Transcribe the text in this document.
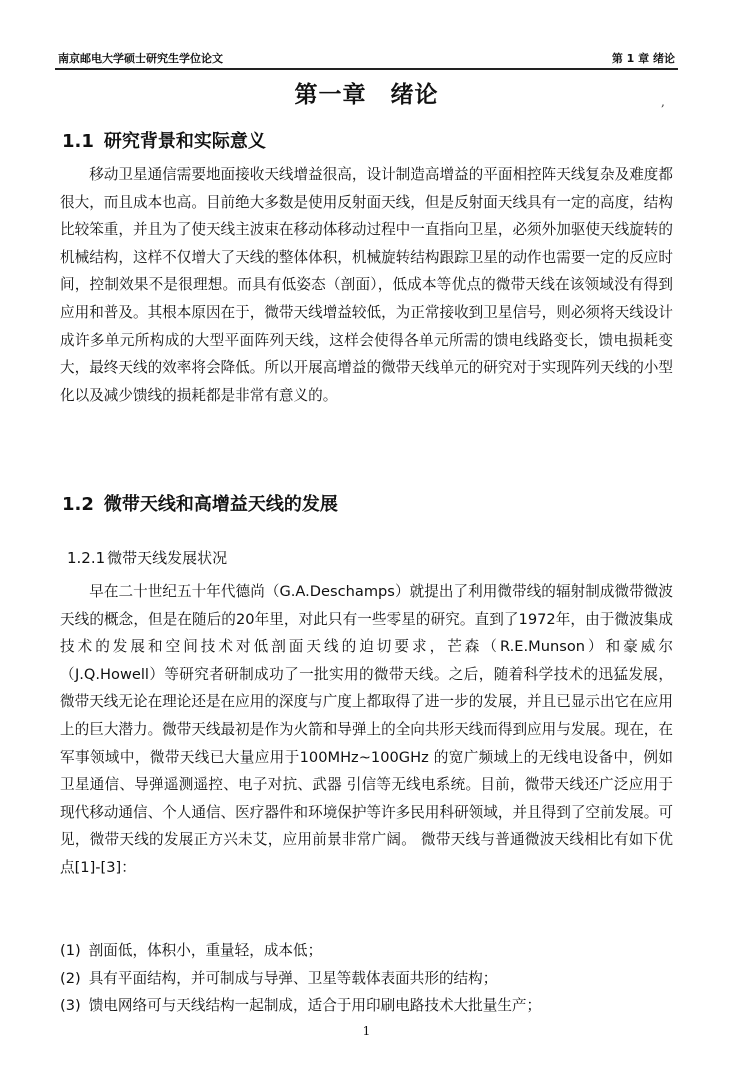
南京邮电大学硕士研究生学位论文	第 1 章 绪论
第一章 绪论	,
1.1 研究背景和实际意义

移动卫星通信需要地面接收天线增益很高，设计制造高增益的平面相控阵天线复杂及难度都很大，而且成本也高。目前绝大多数是使用反射面天线，但是反射面天线具有一定的高度，结构比较笨重，并且为了使天线主波束在移动体移动过程中一直指向卫星，必须外加驱使天线旋转的机械结构，这样不仅增大了天线的整体体积，机械旋转结构跟踪卫星的动作也需要一定的反应时间，控制效果不是很理想。而具有低姿态（剖面），低成本等优点的微带天线在该领域没有得到应用和普及。其根本原因在于，微带天线增益较低，为正常接收到卫星信号，则必须将天线设计成许多单元所构成的大型平面阵列天线，这样会使得各单元所需的馈电线路变长，馈电损耗变大，最终天线的效率将会降低。所以开展高增益的微带天线单元的研究对于实现阵列天线的小型化以及减少馈线的损耗都是非常有意义的。

1.2 微带天线和高增益天线的发展
1.2.1 微带天线发展状况

早在二十世纪五十年代德尚（G.A.Deschamps）就提出了利用微带线的辐射制成微带微波天线的概念，但是在随后的20年里，对此只有一些零星的研究。直到了1972年，由于微波集成技术的发展和空间技术对低剖面天线的迫切要求，芒森（R.E.Munson）和豪威尔（J.Q.Howell）等研究者研制成功了一批实用的微带天线。之后，随着科学技术的迅猛发展，微带天线无论在理论还是在应用的深度与广度上都取得了进一步的发展，并且已显示出它在应用上的巨大潜力。微带天线最初是作为火箭和导弹上的全向共形天线而得到应用与发展。现在，在军事领域中，微带天线已大量应用于100MHz~100GHz 的宽广频域上的无线电设备中，例如卫星通信、导弹遥测遥控、电子对抗、武器 引信等无线电系统。目前，微带天线还广泛应用于现代移动通信、个人通信、医疗器件和环境保护等许多民用科研领域，并且得到了空前发展。可见，微带天线的发展正方兴未艾，应用前景非常广阔。 微带天线与普通微波天线相比有如下优点[1]-[3]：

(1) 剖面低，体积小，重量轻，成本低；
(2) 具有平面结构，并可制成与导弹、卫星等载体表面共形的结构；
(3) 馈电网络可与天线结构一起制成，适合于用印刷电路技术大批量生产；
1
